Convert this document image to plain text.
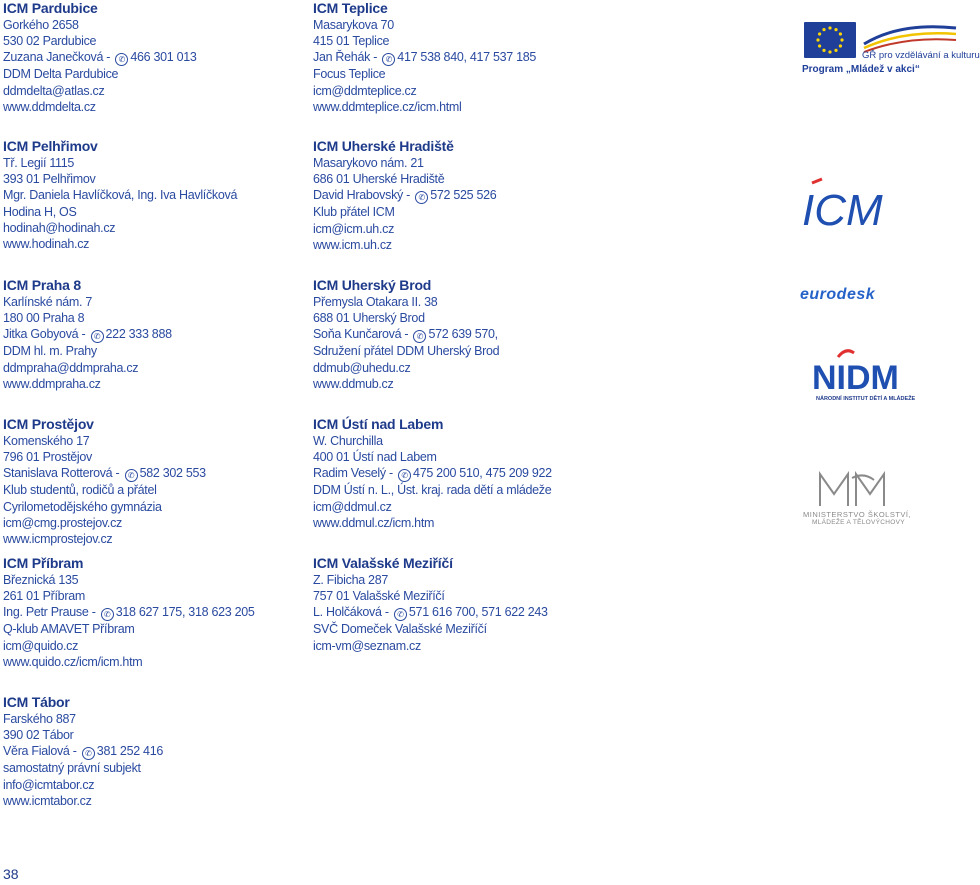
ICM Pardubice
Gorkého 2658
530 02 Pardubice
Zuzana Janečková - ✆ 466 301 013
DDM Delta Pardubice
ddmdelta@atlas.cz
www.ddmdelta.cz
ICM Pelhřimov
Tř. Legií 1115
393 01 Pelhřimov
Mgr. Daniela Havlíčková, Ing. Iva Havlíčková
Hodina H, OS
hodinah@hodinah.cz
www.hodinah.cz
ICM Praha 8
Karlínské nám. 7
180 00 Praha 8
Jitka Gobyová - ✆ 222 333 888
DDM hl. m. Prahy
ddmpraha@ddmpraha.cz
www.ddmpraha.cz
ICM Prostějov
Komenského 17
796 01 Prostějov
Stanislava Rotterová - ✆ 582 302 553
Klub studentů, rodičů a přátel
Cyrilometodějského gymnázia
icm@cmg.prostejov.cz
www.icmprostejov.cz
ICM Příbram
Březnická 135
261 01 Příbram
Ing. Petr Prause - ✆ 318 627 175, 318 623 205
Q-klub AMAVET Příbram
icm@quido.cz
www.quido.cz/icm/icm.htm
ICM Tábor
Farského 887
390 02 Tábor
Věra Fialová - ✆ 381 252 416
samostatný právní subjekt
info@icmtabor.cz
www.icmtabor.cz
ICM Teplice
Masarykova 70
415 01 Teplice
Jan Řehák - ✆ 417 538 840, 417 537 185
Focus Teplice
icm@ddmteplice.cz
www.ddmteplice.cz/icm.html
ICM Uherské Hradiště
Masarykovo nám. 21
686 01 Uherské Hradiště
David Hrabovský - ✆ 572 525 526
Klub přátel ICM
icm@icm.uh.cz
www.icm.uh.cz
ICM Uherský Brod
Přemysla Otakara II. 38
688 01 Uherský Brod
Soňa Kunčarová - ✆ 572 639 570,
Sdružení přátel DDM Uherský Brod
ddmub@uhedu.cz
www.ddmub.cz
ICM Ústí nad Labem
W. Churchilla
400 01 Ústí nad Labem
Radim Veselý - ✆ 475 200 510, 475 209 922
DDM Ústí n. L., Úst. kraj. rada dětí a mládeže
icm@ddmul.cz
www.ddmul.cz/icm.htm
ICM Valašské Meziříčí
Z. Fibicha 287
757 01 Valašské Meziříčí
L. Holčáková - ✆ 571 616 700, 571 622 243
SVČ Domeček Valašské Meziříčí
icm-vm@seznam.cz
GŘ pro vzdělávání a kulturu
Program „Mládež v akci“
ICM
eurodesk
NIDM
NÁRODNÍ INSTITUT DĚTÍ A MLÁDEŽE
MINISTERSTVO ŠKOLSTVÍ,
MLÁDEŽE A TĚLOVÝCHOVY
38
